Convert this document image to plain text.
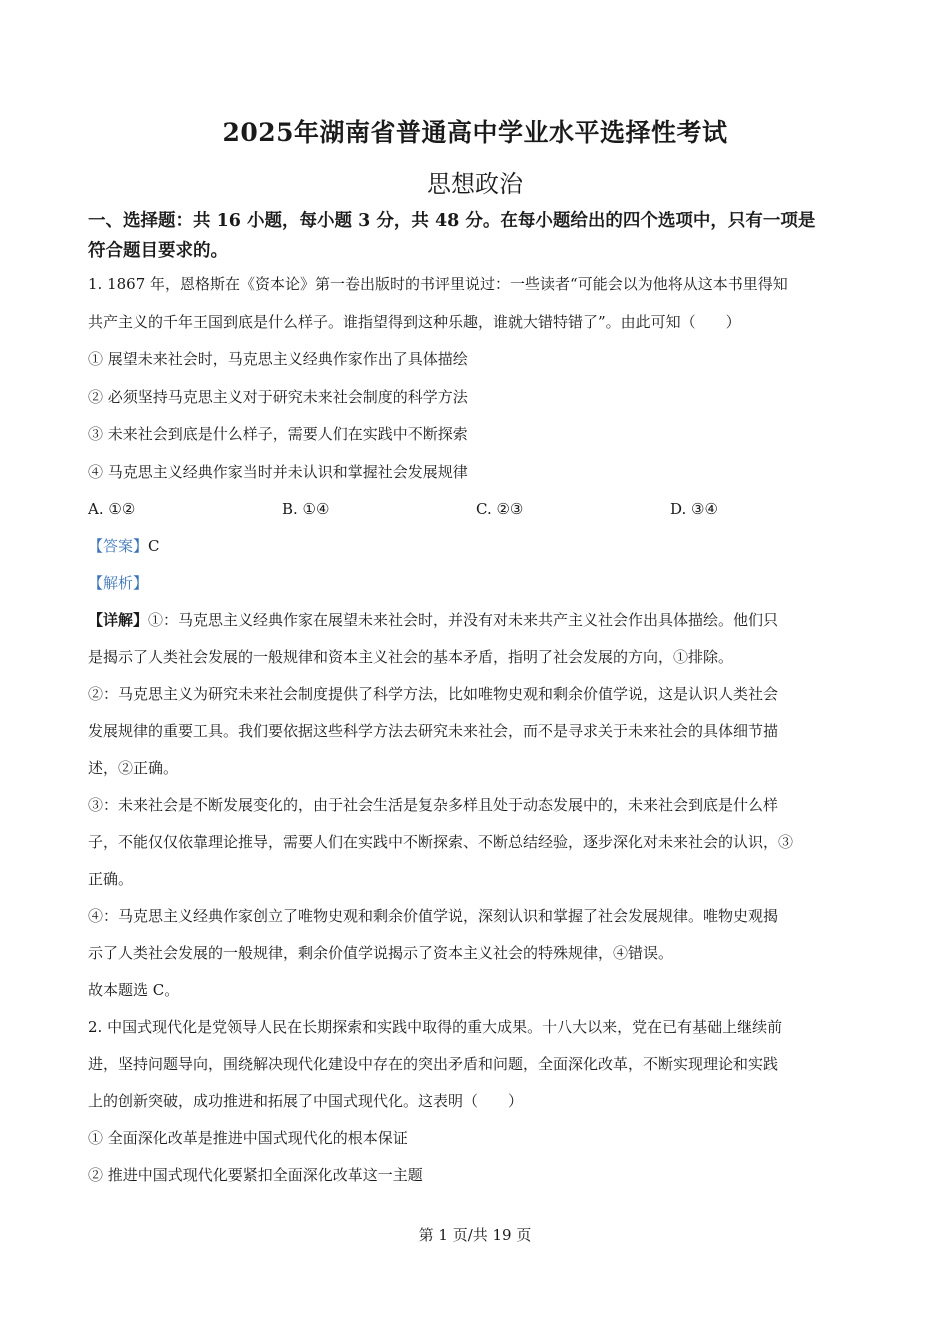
2025年湖南省普通高中学业水平选择性考试
思想政治
一、选择题：共 16 小题，每小题 3 分，共 48 分。在每小题给出的四个选项中，只有一项是
符合题目要求的。
1. 1867 年，恩格斯在《资本论》第一卷出版时的书评里说过：一些读者“可能会以为他将从这本书里得知
共产主义的千年王国到底是什么样子。谁指望得到这种乐趣，谁就大错特错了”。由此可知（　　）
① 展望未来社会时，马克思主义经典作家作出了具体描绘
② 必须坚持马克思主义对于研究未来社会制度的科学方法
③ 未来社会到底是什么样子，需要人们在实践中不断探索
④ 马克思主义经典作家当时并未认识和掌握社会发展规律
A. ①②	B. ①④	C. ②③	D. ③④
【答案】C
【解析】
【详解】①：马克思主义经典作家在展望未来社会时，并没有对未来共产主义社会作出具体描绘。他们只
是揭示了人类社会发展的一般规律和资本主义社会的基本矛盾，指明了社会发展的方向，①排除。
②：马克思主义为研究未来社会制度提供了科学方法，比如唯物史观和剩余价值学说，这是认识人类社会
发展规律的重要工具。我们要依据这些科学方法去研究未来社会，而不是寻求关于未来社会的具体细节描
述，②正确。
③：未来社会是不断发展变化的，由于社会生活是复杂多样且处于动态发展中的，未来社会到底是什么样
子，不能仅仅依靠理论推导，需要人们在实践中不断探索、不断总结经验，逐步深化对未来社会的认识，③
正确。
④：马克思主义经典作家创立了唯物史观和剩余价值学说，深刻认识和掌握了社会发展规律。唯物史观揭
示了人类社会发展的一般规律，剩余价值学说揭示了资本主义社会的特殊规律，④错误。
故本题选 C。
2. 中国式现代化是党领导人民在长期探索和实践中取得的重大成果。十八大以来，党在已有基础上继续前
进，坚持问题导向，围绕解决现代化建设中存在的突出矛盾和问题，全面深化改革，不断实现理论和实践
上的创新突破，成功推进和拓展了中国式现代化。这表明（　　）
① 全面深化改革是推进中国式现代化的根本保证
② 推进中国式现代化要紧扣全面深化改革这一主题
第 1 页/共 19 页
